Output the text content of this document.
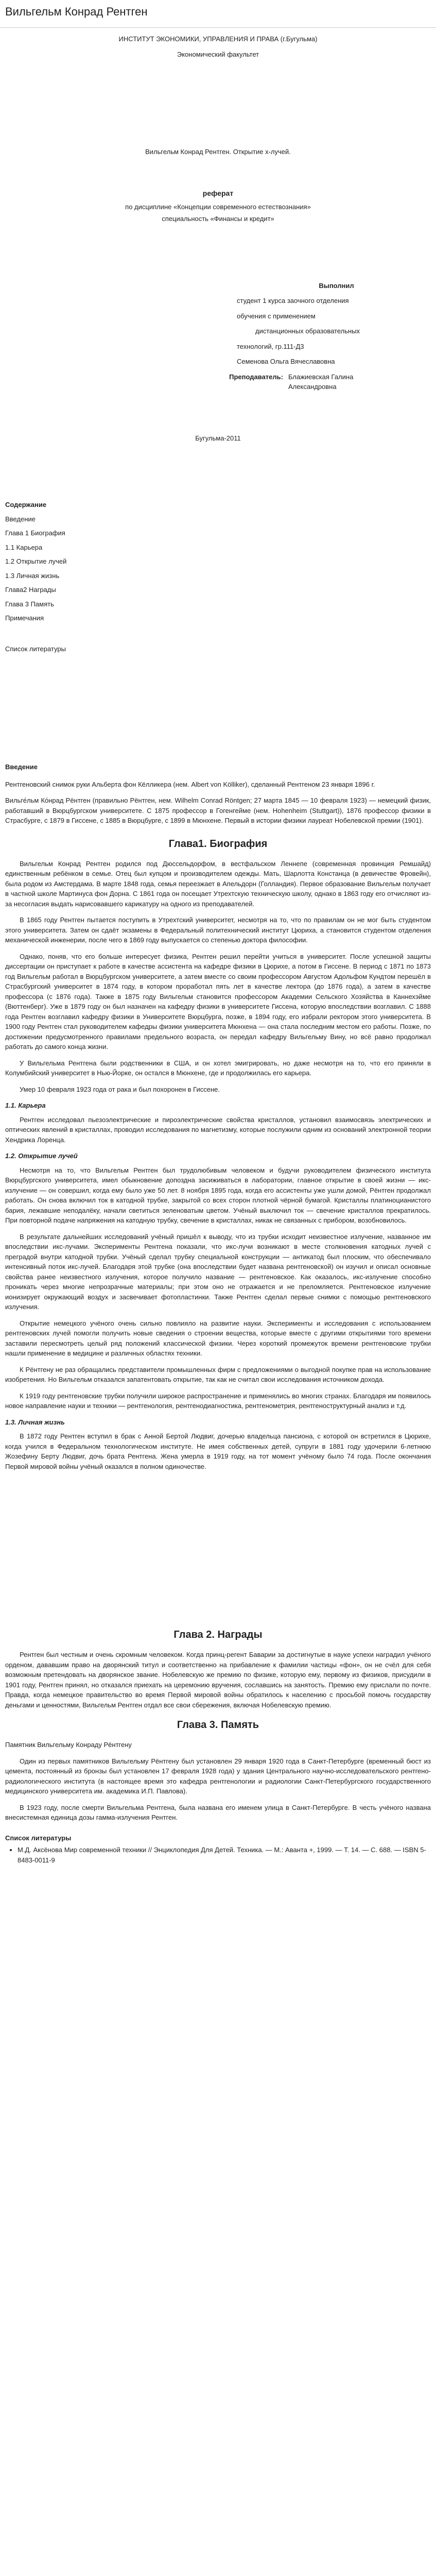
Вильгельм Конрад Рентген

ИНСТИТУТ ЭКОНОМИКИ, УПРАВЛЕНИЯ И ПРАВА (г.Бугульма)

Экономический факультет

Вильгельм Конрад Рентген. Открытие х-лучей.

реферат

по дисциплине «Концепции современного естествознания»

специальность «Финансы и кредит»

Выполнил

студент 1 курса заочного отделения

обучения с применением

дистанционных образовательных

технологий, гр.111-Д3

Семенова Ольга Вячеславовна

Преподаватель: Блажиевская Галина Александровна

Бугульма-2011

Содержание

Введение

Глава 1 Биография

1.1 Карьера

1.2 Открытие лучей

1.3 Личная жизнь

Глава2 Награды

Глава 3 Память

Примечания

Список литературы

Введение

Рентгеновский снимок руки Альберта фон Кёлликера (нем. Albert von Kölliker), сделанный Рентгеном 23 января 1896 г.

Вильге́льм Ко́нрад Рёнтген (правильно Рёнтген, нем. Wilhelm Conrad Röntgen; 27 марта 1845 — 10 февраля 1923) — немецкий физик, работавший в Вюрцбургском университете. С 1875 профессор в Гогенгейме (нем. Hohenheim (Stuttgart)), 1876 профессор физики в Страсбурге, с 1879 в Гиссене, с 1885 в Вюрцбурге, с 1899 в Мюнхене. Первый в истории физики лауреат Нобелевской премии (1901).

Глава1. Биография

Вильгельм Конрад Рентген родился под Дюссельдорфом, в вестфальском Леннепе (современная провинция Ремшайд) единственным ребёнком в семье. Отец был купцом и производителем одежды. Мать, Шарлотта Констанца (в девичестве Фровейн), была родом из Амстердама. В марте 1848 года, семья переезжает в Апельдорн (Голландия). Первое образование Вильгельм получает в частной школе Мартинуса фон Дорна. С 1861 года он посещает Утрехтскую техническую школу, однако в 1863 году его отчисляют из-за несогласия выдать нарисовавшего карикатуру на одного из преподавателей.

В 1865 году Рентген пытается поступить в Утрехтский университет, несмотря на то, что по правилам он не мог быть студентом этого университета. Затем он сдаёт экзамены в Федеральный политехнический институт Цюриха, а становится студентом отделения механической инженерии, после чего в 1869 году выпускается со степенью доктора философии.

Однако, поняв, что его больше интересует физика, Рентген решил перейти учиться в университет. После успешной защиты диссертации он приступает к работе в качестве ассистента на кафедре физики в Цюрихе, а потом в Гиссене. В период с 1871 по 1873 год Вильгельм работал в Вюрцбургском университете, а затем вместе со своим профессором Августом Адольфом Кундтом перешёл в Страсбургский университет в 1874 году, в котором проработал пять лет в качестве лектора (до 1876 года), а затем в качестве профессора (с 1876 года). Также в 1875 году Вильгельм становится профессором Академии Сельского Хозяйства в Каннехэйме (Вюттенберг). Уже в 1879 году он был назначен на кафедру физики в университете Гиссена, которую впоследствии возглавил. С 1888 года Рентген возглавил кафедру физики в Университете Вюрцбурга, позже, в 1894 году, его избрали ректором этого университета. В 1900 году Рентген стал руководителем кафедры физики университета Мюнхена — она стала последним местом его работы. Позже, по достижении предусмотренного правилами предельного возраста, он передал кафедру Вильгельму Вину, но всё равно продолжал работать до самого конца жизни.

У Вильгельма Рентгена были родственники в США, и он хотел эмигрировать, но даже несмотря на то, что его приняли в Колумбийский университет в Нью-Йорке, он остался в Мюнхене, где и продолжилась его карьера.

Умер 10 февраля 1923 года от рака и был похоронен в Гиссене.

1.1. Карьера

Рентген исследовал пьезоэлектрические и пироэлектрические свойства кристаллов, установил взаимосвязь электрических и оптических явлений в кристаллах, проводил исследования по магнетизму, которые послужили одним из оснований электронной теории Хендрика Лоренца.

1.2. Открытие лучей

Несмотря на то, что Вильгельм Рентген был трудолюбивым человеком и будучи руководителем физического института Вюрцбургского университета, имел обыкновение допоздна засиживаться в лаборатории, главное открытие в своей жизни — икс-излучение — он совершил, когда ему было уже 50 лет. 8 ноября 1895 года, когда его ассистенты уже ушли домой, Рёнтген продолжал работать. Он снова включил ток в катодной трубке, закрытой со всех сторон плотной чёрной бумагой. Кристаллы платиноцианистого бария, лежавшие неподалёку, начали светиться зеленоватым цветом. Учёный выключил ток — свечение кристаллов прекратилось. При повторной подаче напряжения на катодную трубку, свечение в кристаллах, никак не связанных с прибором, возобновилось.

В результате дальнейших исследований учёный пришёл к выводу, что из трубки исходит неизвестное излучение, названное им впоследствии икс-лучами. Эксперименты Рентгена показали, что икс-лучи возникают в месте столкновения катодных лучей с преградой внутри катодной трубки. Учёный сделал трубку специальной конструкции — антикатод был плоским, что обеспечивало интенсивный поток икс-лучей. Благодаря этой трубке (она впоследствии будет названа рентгеновской) он изучил и описал основные свойства ранее неизвестного излучения, которое получило название — рентгеновское. Как оказалось, икс-излучение способно проникать через многие непрозрачные материалы; при этом оно не отражается и не преломляется. Рентгеновское излучение ионизирует окружающий воздух и засвечивает фотопластинки. Также Рентген сделал первые снимки с помощью рентгеновского излучения.

Открытие немецкого учёного очень сильно повлияло на развитие науки. Эксперименты и исследования с использованием рентгеновских лучей помогли получить новые сведения о строении вещества, которые вместе с другими открытиями того времени заставили пересмотреть целый ряд положений классической физики. Через короткий промежуток времени рентгеновские трубки нашли применение в медицине и различных областях техники.

К Рёнтгену не раз обращались представители промышленных фирм с предложениями о выгодной покупке прав на использование изобретения. Но Вильгельм отказался запатентовать открытие, так как не считал свои исследования источником дохода.

К 1919 году рентгеновские трубки получили широкое распространение и применялись во многих странах. Благодаря им появилось новое направление науки и техники — рентгенология, рентгенодиагностика, рентгенометрия, рентгеноструктурный анализ и т.д.

1.3. Личная жизнь

В 1872 году Рентген вступил в брак с Анной Бертой Людвиг, дочерью владельца пансиона, с которой он встретился в Цюрихе, когда учился в Федеральном технологическом институте. Не имея собственных детей, супруги в 1881 году удочерили 6-летнюю Жозефину Берту Людвиг, дочь брата Рентгена. Жена умерла в 1919 году, на тот момент учёному было 74 года. После окончания Первой мировой войны учёный оказался в полном одиночестве.

Глава 2. Награды

Рентген был честным и очень скромным человеком. Когда принц-регент Баварии за достигнутые в науке успехи наградил учёного орденом, дававшим право на дворянский титул и соответственно на прибавление к фамилии частицы «фон», он не счёл для себя возможным претендовать на дворянское звание. Нобелевскую же премию по физике, которую ему, первому из физиков, присудили в 1901 году, Рентген принял, но отказался приехать на церемонию вручения, сославшись на занятость. Премию ему прислали по почте. Правда, когда немецкое правительство во время Первой мировой войны обратилось к населению с просьбой помочь государству деньгами и ценностями, Вильгельм Рентген отдал все свои сбережения, включая Нобелевскую премию.

Глава 3. Память

Памятник Вильгельму Конраду Рёнтгену

Один из первых памятников Вильгельму Рёнтгену был установлен 29 января 1920 года в Санкт-Петербурге (временный бюст из цемента, постоянный из бронзы был установлен 17 февраля 1928 года) у здания Центрального научно-исследовательского рентгено-радиологического института (в настоящее время это кафедра рентгенологии и радиологии Санкт-Петербургского государственного медицинского университета им. академика И.П. Павлова).

В 1923 году, после смерти Вильгельма Рентгена, была названа его именем улица в Санкт-Петербурге. В честь учёного названа внесистемная единица дозы гамма-излучения Рентген.

Список литературы
• М.Д. Аксёнова Мир современной техники // Энциклопедия Для Детей. Техника. — М.: Аванта +, 1999. — Т. 14. — С. 688. — ISBN 5-8483-0011-9
